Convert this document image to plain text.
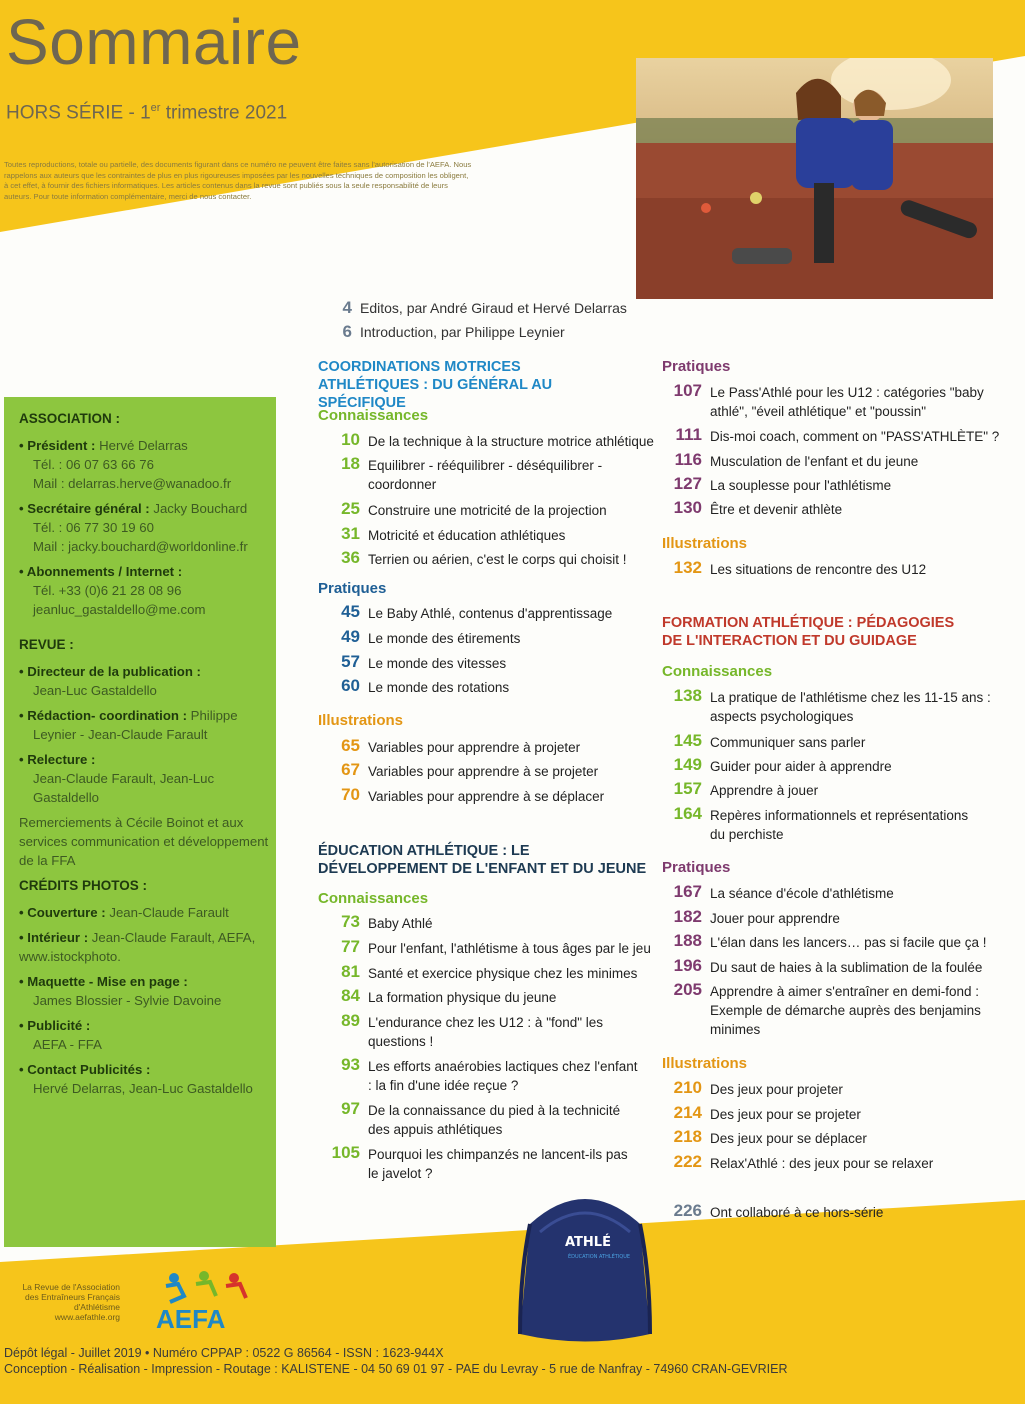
Sommaire
HORS SÉRIE - 1er trimestre 2021
Toutes reproductions, totale ou partielle, des documents figurant dans ce numéro ne peuvent être faites sans l'autorisation de l'AEFA. Nous rappelons aux auteurs que les contraintes de plus en plus rigoureuses imposées par les nouvelles techniques de composition les obligent, à cet effet, à fournir des fichiers informatiques. Les articles contenus dans la revue sont publiés sous la seule responsabilité de leurs auteurs. Pour toute information complémentaire, merci de nous contacter.
4 Editos, par André Giraud et Hervé Delarras
6 Introduction, par Philippe Leynier
ASSOCIATION :
• Président : Hervé Delarras
Tél. : 06 07 63 66 76
Mail : delarras.herve@wanadoo.fr
• Secrétaire général : Jacky Bouchard
Tél. : 06 77 30 19 60
Mail : jacky.bouchard@worldonline.fr
• Abonnements / Internet :
Tél. +33 (0)6 21 28 08 96
jeanluc_gastaldello@me.com
REVUE :
• Directeur de la publication :
Jean-Luc Gastaldello
• Rédaction- coordination : Philippe
Leynier - Jean-Claude Farault
• Relecture :
Jean-Claude Farault, Jean-Luc Gastaldello
Remerciements à Cécile Boinot et aux services communication et développement de la FFA
CRÉDITS PHOTOS :
• Couverture : Jean-Claude Farault
• Intérieur : Jean-Claude Farault, AEFA, www.istockphoto.
• Maquette - Mise en page :
James Blossier - Sylvie Davoine
• Publicité :
AEFA - FFA
• Contact Publicités :
Hervé Delarras, Jean-Luc Gastaldello
COORDINATIONS MOTRICES ATHLÉTIQUES : DU GÉNÉRAL AU SPÉCIFIQUE
Connaissances
10 De la technique à la structure motrice athlétique
18 Equilibrer - rééquilibrer - déséquilibrer - coordonner
25 Construire une motricité de la projection
31 Motricité et éducation athlétiques
36 Terrien ou aérien, c'est le corps qui choisit !
Pratiques
45 Le Baby Athlé, contenus d'apprentissage
49 Le monde des étirements
57 Le monde des vitesses
60 Le monde des rotations
Illustrations
65 Variables pour apprendre à projeter
67 Variables pour apprendre à se projeter
70 Variables pour apprendre à se déplacer
ÉDUCATION ATHLÉTIQUE : LE DÉVELOPPEMENT DE L'ENFANT ET DU JEUNE
Connaissances
73 Baby Athlé
77 Pour l'enfant, l'athlétisme à tous âges par le jeu
81 Santé et exercice physique chez les minimes
84 La formation physique du jeune
89 L'endurance chez les U12 : à "fond" les questions !
93 Les efforts anaérobies lactiques chez l'enfant : la fin d'une idée reçue ?
97 De la connaissance du pied à la technicité des appuis athlétiques
105 Pourquoi les chimpanzés ne lancent-ils pas le javelot ?
Pratiques
107 Le Pass'Athlé pour les U12 : catégories "baby athlé", "éveil athlétique" et "poussin"
111 Dis-moi coach, comment on "PASS'ATHLÈTE" ?
116 Musculation de l'enfant et du jeune
127 La souplesse pour l'athlétisme
130 Être et devenir athlète
Illustrations
132 Les situations de rencontre des U12
FORMATION ATHLÉTIQUE : PÉDAGOGIES DE L'INTERACTION ET DU GUIDAGE
Connaissances
138 La pratique de l'athlétisme chez les 11-15 ans : aspects psychologiques
145 Communiquer sans parler
149 Guider pour aider à apprendre
157 Apprendre à jouer
164 Repères informationnels et représentations du perchiste
Pratiques
167 La séance d'école d'athlétisme
182 Jouer pour apprendre
188 L'élan dans les lancers… pas si facile que ça !
196 Du saut de haies à la sublimation de la foulée
205 Apprendre à aimer s'entraîner en demi-fond : Exemple de démarche auprès des benjamins minimes
Illustrations
210 Des jeux pour projeter
214 Des jeux pour se projeter
218 Des jeux pour se déplacer
222 Relax'Athlé : des jeux pour se relaxer
226 Ont collaboré à ce hors-série
ATHLÉ
ÉDUCATION ATHLÉTIQUE
La Revue de l'Association des Entraîneurs Français d'Athlétisme www.aefathle.org AEFA
Dépôt légal - Juillet 2019 • Numéro CPPAP : 0522 G 86564 - ISSN : 1623-944X
Conception - Réalisation - Impression - Routage : KALISTENE - 04 50 69 01 97 - PAE du Levray - 5 rue de Nanfray - 74960 CRAN-GEVRIER
